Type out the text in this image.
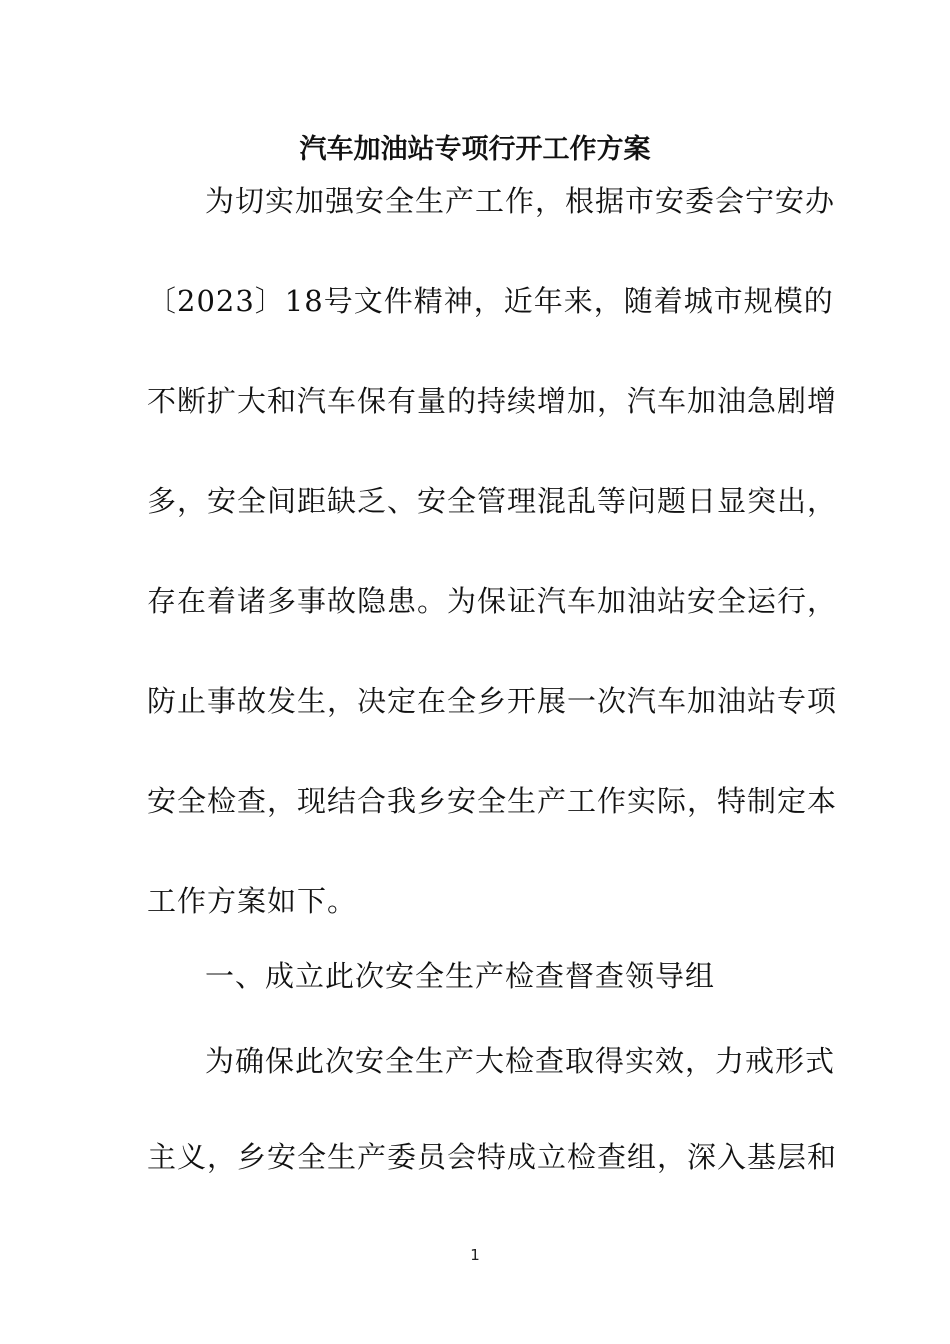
汽车加油站专项行开工作方案
为切实加强安全生产工作，根据市安委会宁安办
〔2023〕18号文件精神，近年来，随着城市规模的
不断扩大和汽车保有量的持续增加，汽车加油急剧增
多，安全间距缺乏、安全管理混乱等问题日显突出，
存在着诸多事故隐患。为保证汽车加油站安全运行，
防止事故发生，决定在全乡开展一次汽车加油站专项
安全检查，现结合我乡安全生产工作实际，特制定本
工作方案如下。
一、成立此次安全生产检查督查领导组
为确保此次安全生产大检查取得实效，力戒形式
主义，乡安全生产委员会特成立检查组，深入基层和
1
